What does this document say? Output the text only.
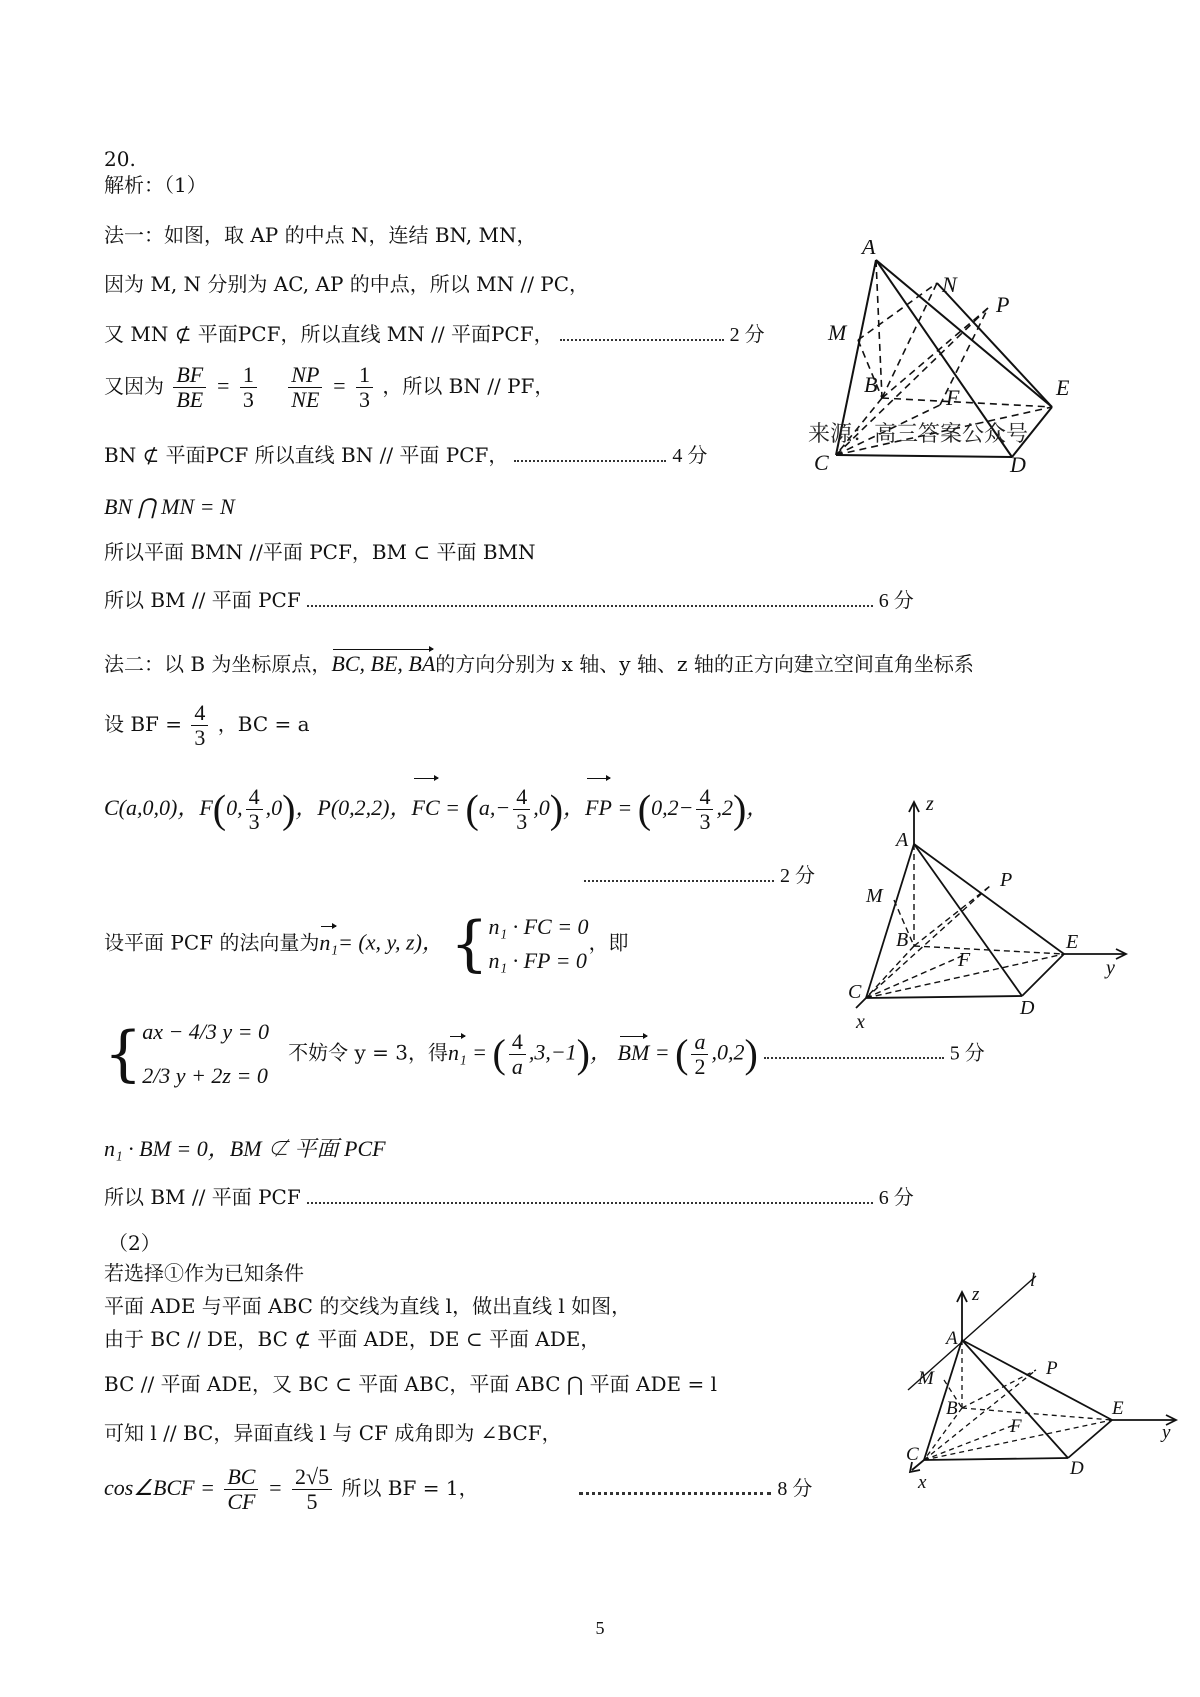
20.
解析：（1）
法一：如图，取 AP 的中点 N，连结 BN, MN，
因为 M, N 分别为 AC, AP 的中点，所以 MN // PC，
又 MN ⊄ 平面PCF，所以直线 MN // 平面PCF，	2 分
又因为 $\frac{BF}{BE} = \frac{1}{3}$
$\frac{NP}{NE} = \frac{1}{3}$ ，所以 BN // PF，
BN ⊄ 平面PCF 所以直线 BN // 平面 PCF，	4 分
BN ⋂ MN = N
所以平面 BMN //平面 PCF，BM ⊂ 平面 BMN
所以 BM // 平面 PCF	6 分
法二：以 B 为坐标原点，BC, BE, BA的方向分别为 x 轴、y 轴、z 轴的正方向建立空间直角坐标系
设 BF = $\frac{4}{3}$ ，BC = a
C(a,0,0)，F(0, $\frac{4}{3} ,0$)，P(0,2,2)，FC = $(a,- \frac{4}{3} ,0)$，FP = $(0,2- \frac{4}{3} ,2)$，
2 分
设平面 PCF 的法向量为n₁= (x, y, z)， { n₁ · FC = 0
n₁ · FP = 0
，即
{ ax − 4/3 y = 0
2/3 y + 2z = 0
不妨令 y = 3，得n₁ = ( $\frac{4}{a} ,3,-1$)， BM = ( $\frac{a}{2} ,0,2$)	5 分
n₁ · BM = 0，BM ⊄ 平面 PCF
所以 BM // 平面 PCF	6 分
（2）
若选择①作为已知条件
平面 ADE 与平面 ABC 的交线为直线 l，做出直线 l 如图，
由于 BC // DE，BC ⊄ 平面 ADE，DE ⊂ 平面 ADE，
BC // 平面 ADE，又 BC ⊂ 平面 ABC，平面 ABC ⋂ 平面 ADE = l
可知 l // BC，异面直线 l 与 CF 成角即为 ∠BCF，
cos∠BCF = $\frac{BC}{CF} = \frac{2√5}{5}$ 所以 BF = 1，	8 分
A
N
P
M
B
F	E
C	D
来源：高三答案公众号
z
A
P
M
B
F
E
y
C
D
x
l
z
A
P
M
B
F
E
y
C
D
x
5
